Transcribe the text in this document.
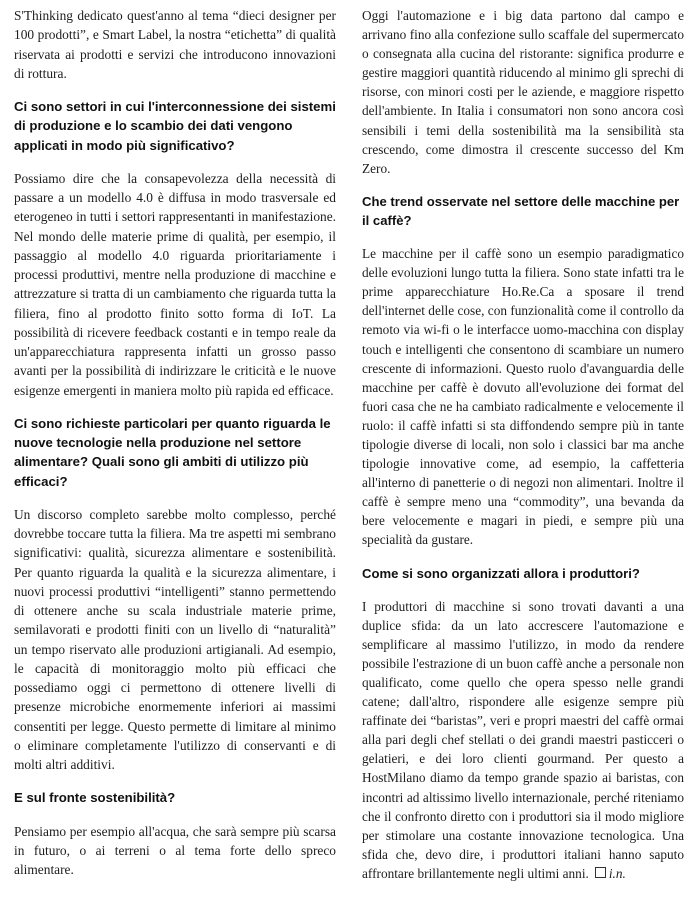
S'Thinking dedicato quest'anno al tema “dieci designer per 100 prodotti”, e Smart Label, la nostra “etichetta” di qualità riservata ai prodotti e servizi che introducono innovazioni di rottura.

Ci sono settori in cui l'interconnessione dei sistemi di produzione e lo scambio dei dati vengono applicati in modo più significativo?

Possiamo dire che la consapevolezza della necessità di passare a un modello 4.0 è diffusa in modo trasversale ed eterogeneo in tutti i settori rappresentanti in manifestazione. Nel mondo delle materie prime di qualità, per esempio, il passaggio al modello 4.0 riguarda prioritariamente i processi produttivi, mentre nella produzione di macchine e attrezzature si tratta di un cambiamento che riguarda tutta la filiera, fino al prodotto finito sotto forma di IoT. La possibilità di ricevere feedback costanti e in tempo reale da un'apparecchiatura rappresenta infatti un grosso passo avanti per la possibilità di indirizzare le criticità e le nuove esigenze emergenti in maniera molto più rapida ed efficace.

Ci sono richieste particolari per quanto riguarda le nuove tecnologie nella produzione nel settore alimentare? Quali sono gli ambiti di utilizzo più efficaci?

Un discorso completo sarebbe molto complesso, perché dovrebbe toccare tutta la filiera. Ma tre aspetti mi sembrano significativi: qualità, sicurezza alimentare e sostenibilità. Per quanto riguarda la qualità e la sicurezza alimentare, i nuovi processi produttivi “intelligenti” stanno permettendo di ottenere anche su scala industriale materie prime, semilavorati e prodotti finiti con un livello di “naturalità” un tempo riservato alle produzioni artigianali. Ad esempio, le capacità di monitoraggio molto più efficaci che possediamo oggi ci permettono di ottenere livelli di presenze microbiche enormemente inferiori ai massimi consentiti per legge. Questo permette di limitare al minimo o eliminare completamente l'utilizzo di conservanti e di molti altri additivi.

E sul fronte sostenibilità?

Pensiamo per esempio all'acqua, che sarà sempre più scarsa in futuro, o ai terreni o al tema forte dello spreco alimentare.

Oggi l'automazione e i big data partono dal campo e arrivano fino alla confezione sullo scaffale del supermercato o consegnata alla cucina del ristorante: significa produrre e gestire maggiori quantità riducendo al minimo gli sprechi di risorse, con minori costi per le aziende, e maggiore rispetto dell'ambiente. In Italia i consumatori non sono ancora così sensibili i temi della sostenibilità ma la sensibilità sta crescendo, come dimostra il crescente successo del Km Zero.

Che trend osservate nel settore delle macchine per il caffè?

Le macchine per il caffè sono un esempio paradigmatico delle evoluzioni lungo tutta la filiera. Sono state infatti tra le prime apparecchiature Ho.Re.Ca a sposare il trend dell'internet delle cose, con funzionalità come il controllo da remoto via wi-fi o le interfacce uomo-macchina con display touch e intelligenti che consentono di scambiare un numero crescente di informazioni. Questo ruolo d'avanguardia delle macchine per caffè è dovuto all'evoluzione dei format del fuori casa che ne ha cambiato radicalmente e velocemente il ruolo: il caffè infatti si sta diffondendo sempre più in tante tipologie diverse di locali, non solo i classici bar ma anche tipologie innovative come, ad esempio, la caffetteria all'interno di panetterie o di negozi non alimentari. Inoltre il caffè è sempre meno una “commodity”, una bevanda da bere velocemente e magari in piedi, e sempre più una specialità da gustare.

Come si sono organizzati allora i produttori?

I produttori di macchine si sono trovati davanti a una duplice sfida: da un lato accrescere l'automazione e semplificare al massimo l'utilizzo, in modo da rendere possibile l'estrazione di un buon caffè anche a personale non qualificato, come quello che opera spesso nelle grandi catene; dall'altro, rispondere alle esigenze sempre più raffinate dei “baristas”, veri e propri maestri del caffè ormai alla pari degli chef stellati o dei grandi maestri pasticceri o gelatieri, e dei loro clienti gourmand. Per questo a HostMilano diamo da tempo grande spazio ai baristas, con incontri ad altissimo livello internazionale, perché riteniamo che il confronto diretto con i produttori sia il modo migliore per stimolare una costante innovazione tecnologica. Una sfida che, devo dire, i produttori italiani hanno saputo affrontare brillantemente negli ultimi anni. i.n.
